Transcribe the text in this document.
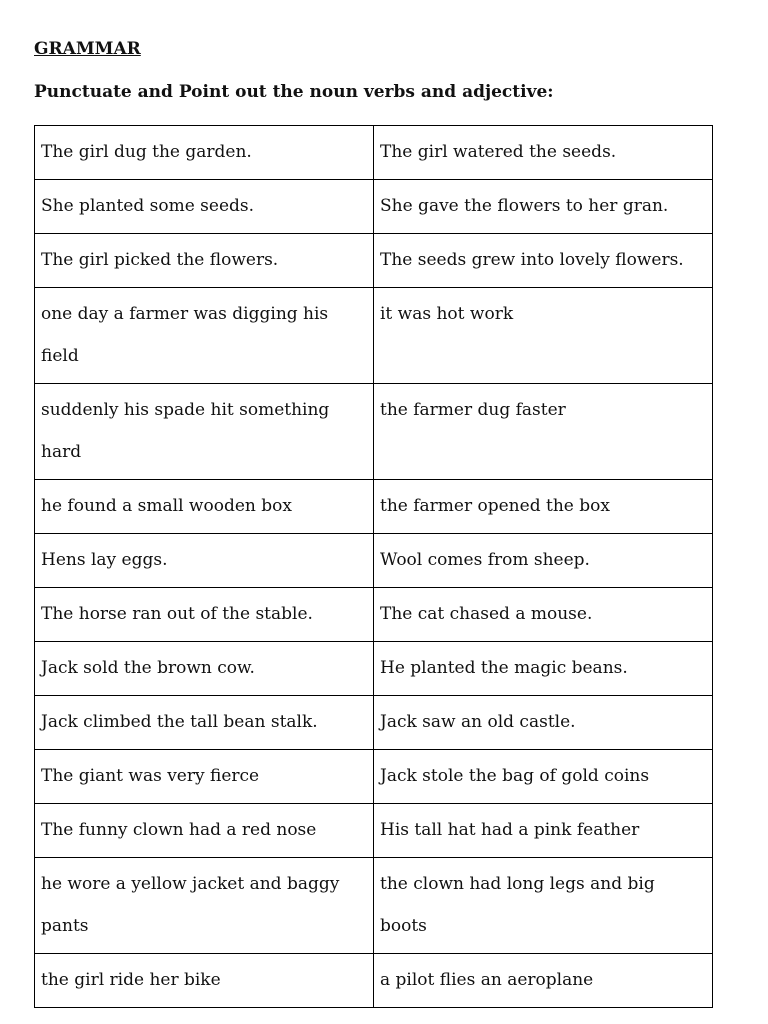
GRAMMAR

Punctuate and Point out the noun verbs and adjective:

The girl dug the garden.	The girl watered the seeds.
She planted some seeds.	She gave the flowers to her gran.
The girl picked the flowers.	The seeds grew into lovely flowers.
one day a farmer was digging his field	it was hot work
suddenly his spade hit something hard	the farmer dug faster
he found a small wooden box	the farmer opened the box
Hens lay eggs.	Wool comes from sheep.
The horse ran out of the stable.	The cat chased a mouse.
Jack sold the brown cow.	He planted the magic beans.
Jack climbed the tall bean stalk.	Jack saw an old castle.
The giant was very fierce	Jack stole the bag of gold coins
The funny clown had a red nose	His tall hat had a pink feather
he wore a yellow jacket and baggy pants	the clown had long legs and big boots
the girl ride her bike	a pilot flies an aeroplane
